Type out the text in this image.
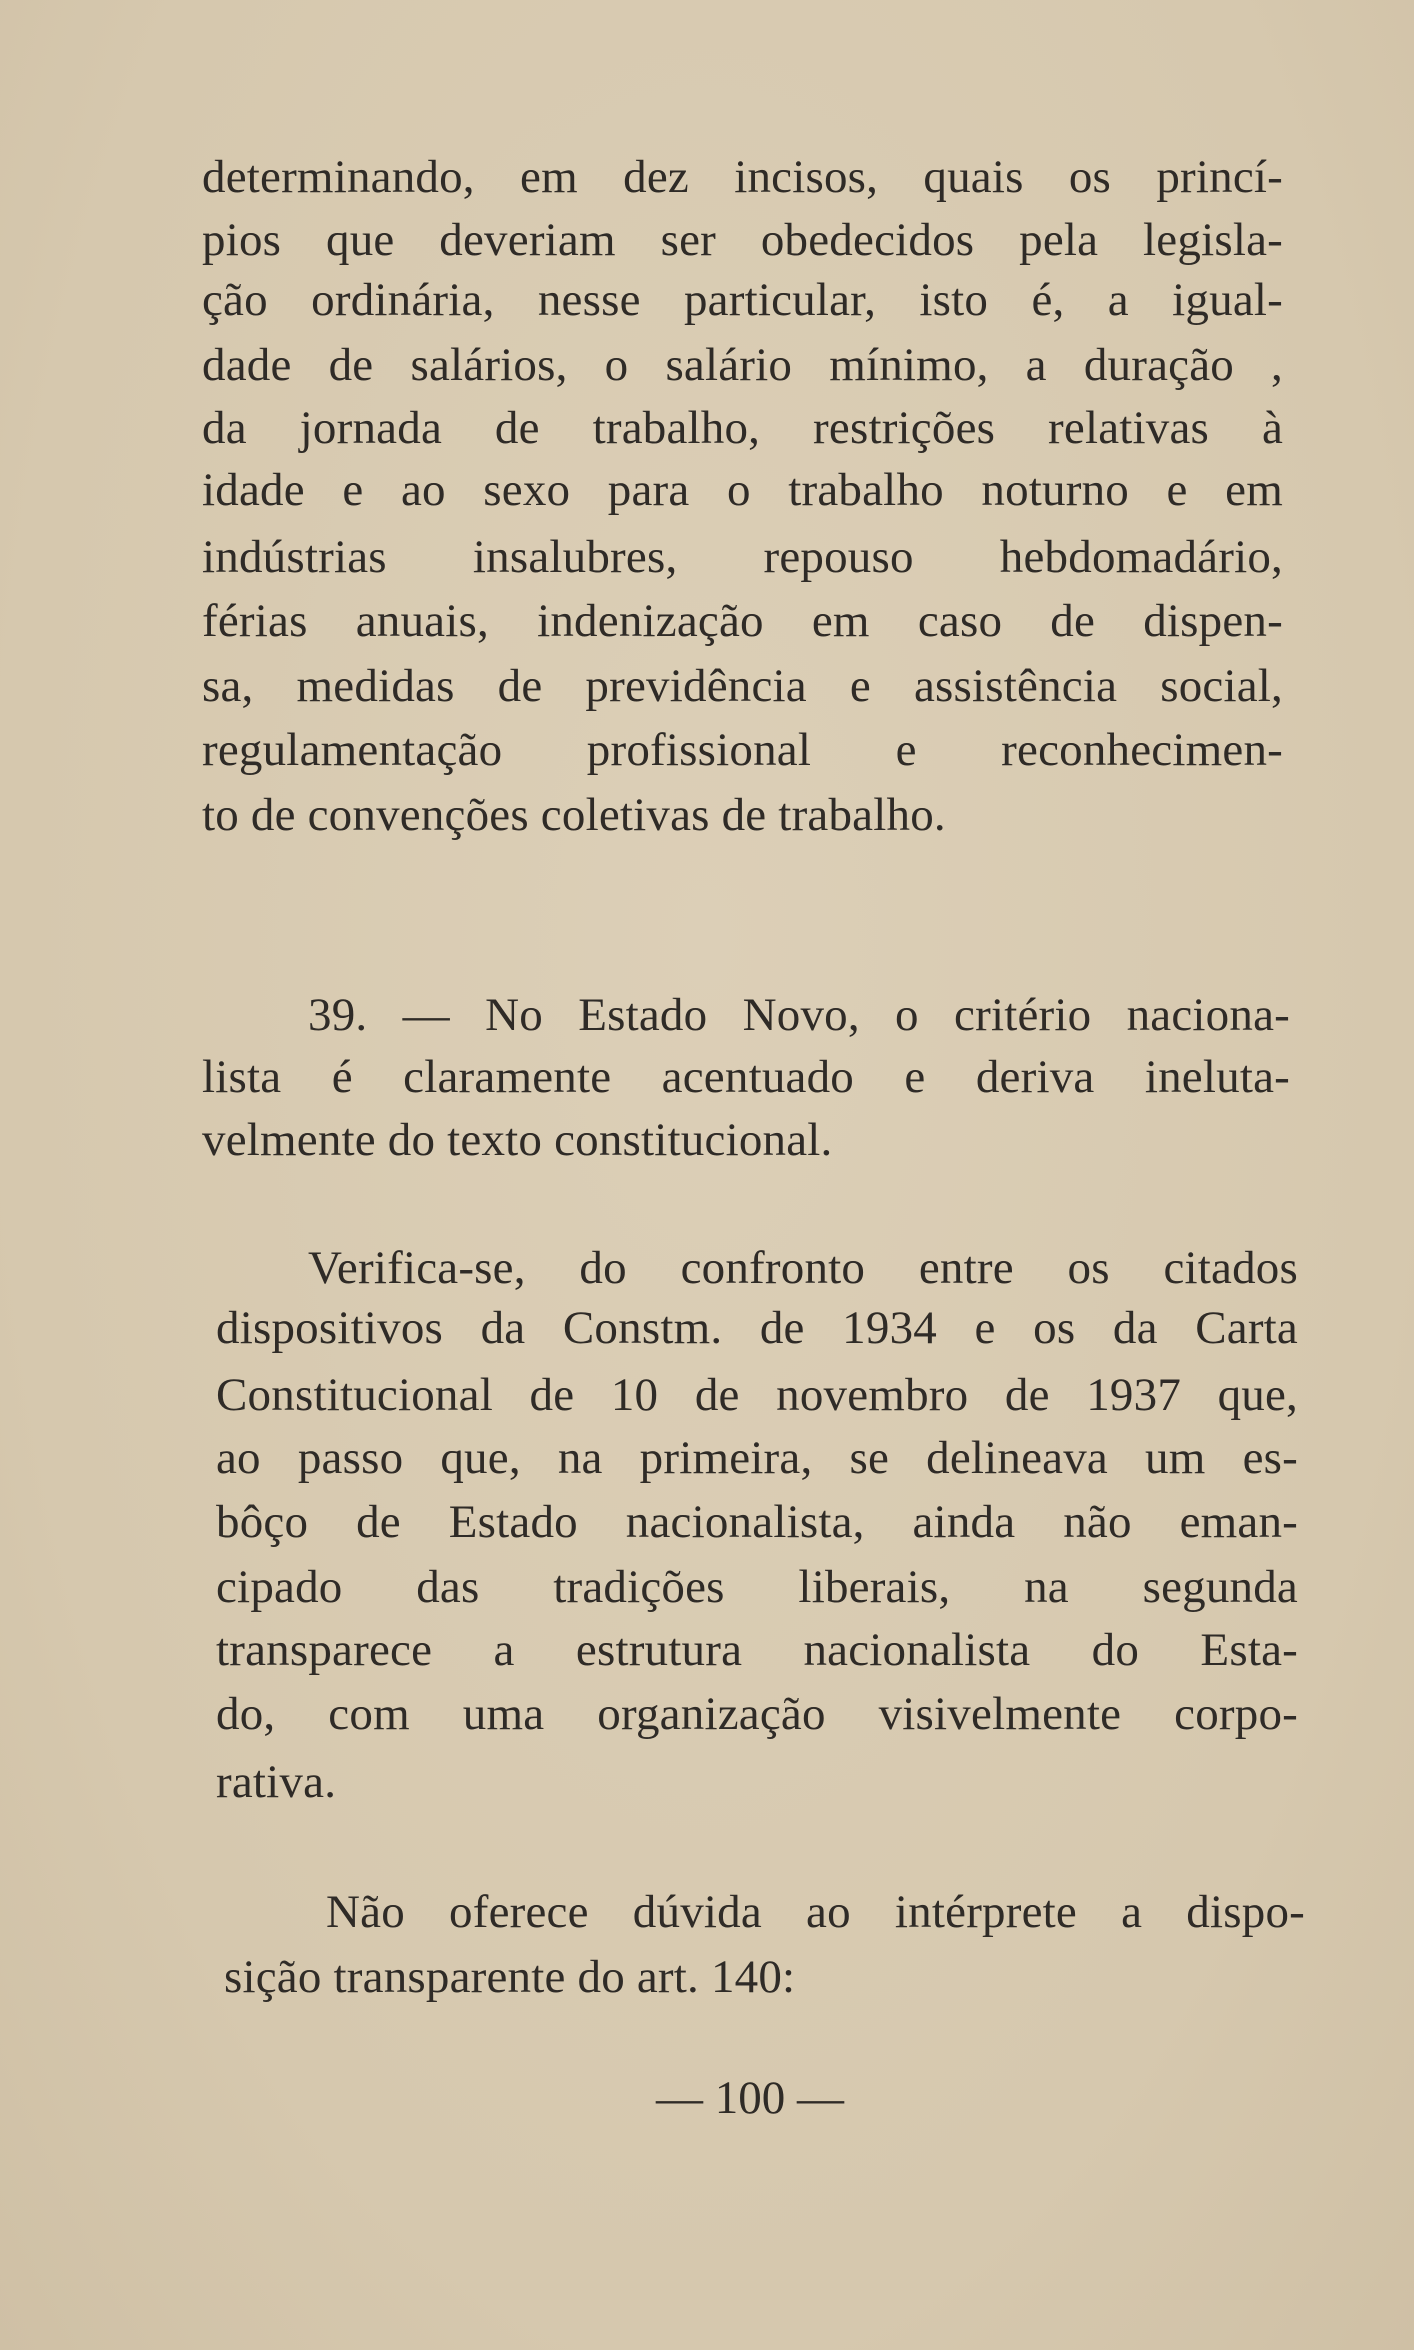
determinando, em dez incisos, quais os princí-
pios que deveriam ser obedecidos pela legisla-
ção ordinária, nesse particular, isto é, a igual-
dade de salários, o salário mínimo, a duração ,
da jornada de trabalho, restrições relativas à
idade e ao sexo para o trabalho noturno e em
indústrias insalubres, repouso hebdomadário,
férias anuais, indenização em caso de dispen-
sa, medidas de previdência e assistência social,
regulamentação profissional e reconhecimen-
to de convenções coletivas de trabalho.
39. — No Estado Novo, o critério naciona-
lista é claramente acentuado e deriva ineluta-
velmente do texto constitucional.
Verifica-se, do confronto entre os citados
dispositivos da Constm. de 1934 e os da Carta
Constitucional de 10 de novembro de 1937 que,
ao passo que, na primeira, se delineava um es-
bôço de Estado nacionalista, ainda não eman-
cipado das tradições liberais, na segunda
transparece a estrutura nacionalista do Esta-
do, com uma organização visivelmente corpo-
rativa.
Não oferece dúvida ao intérprete a dispo-
sição transparente do art. 140:
— 100 —
